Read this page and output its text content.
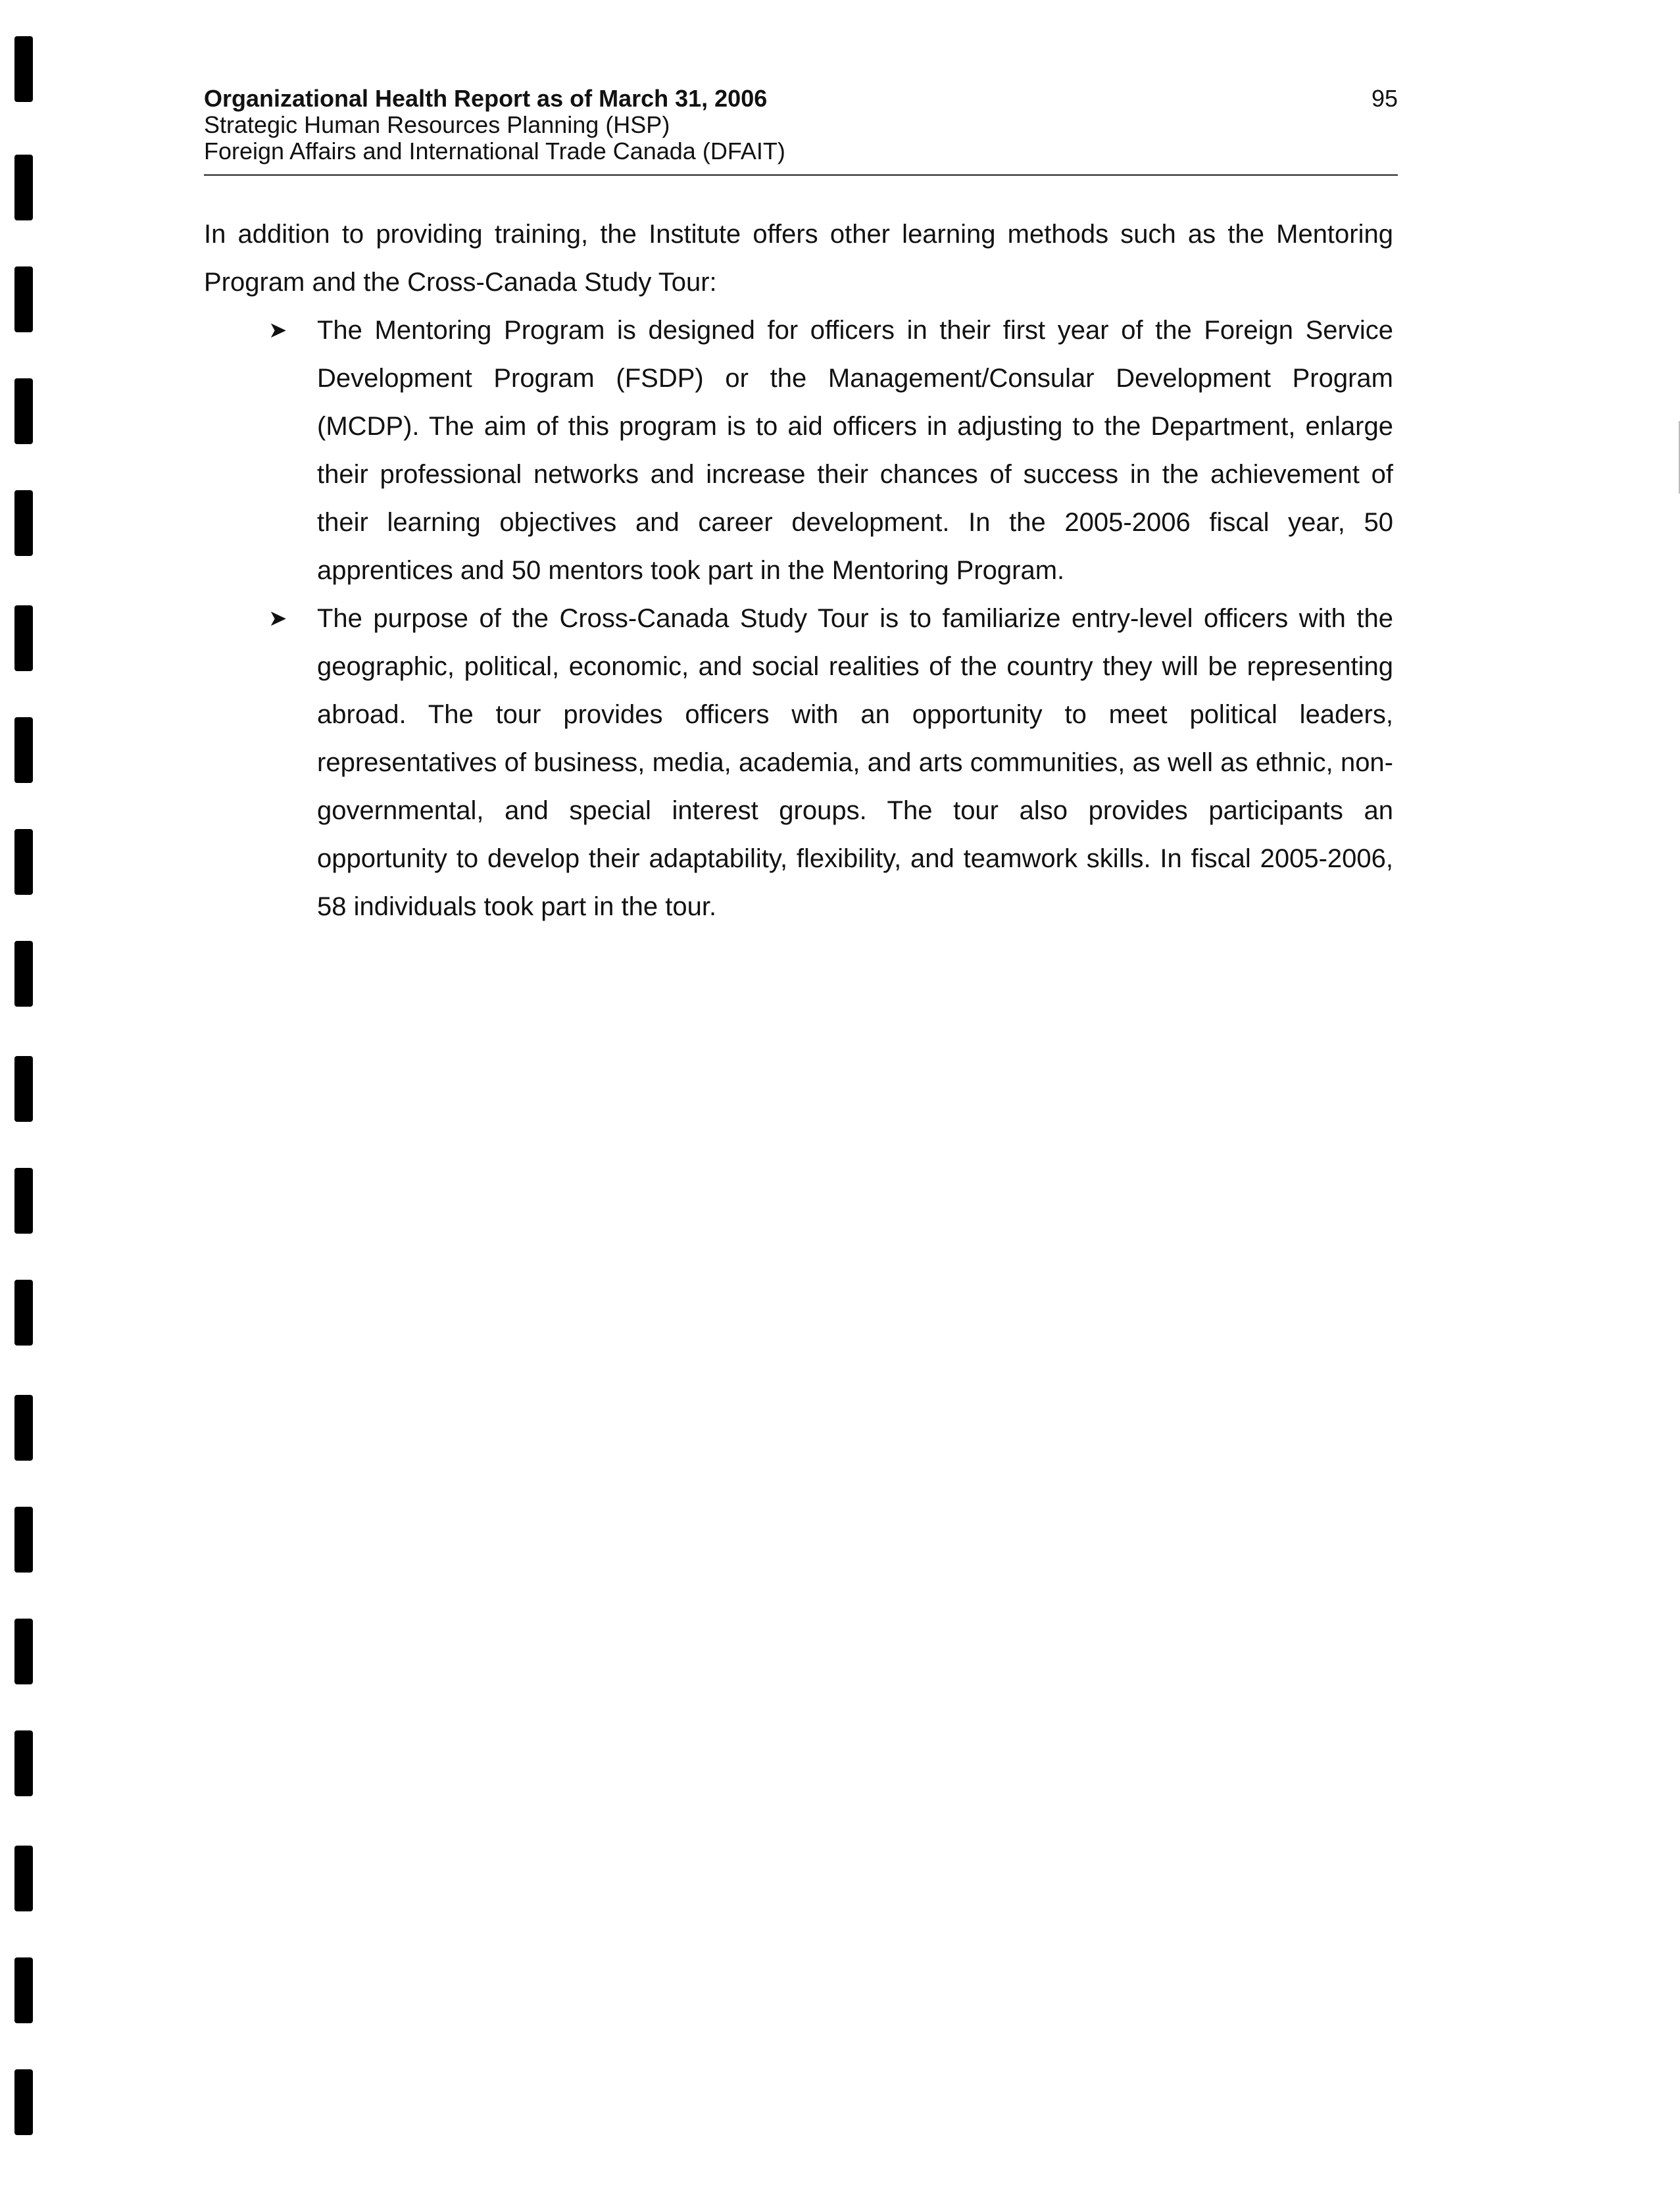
Organizational Health Report as of March 31, 2006
Strategic Human Resources Planning (HSP)
Foreign Affairs and International Trade Canada (DFAIT)
95

In addition to providing training, the Institute offers other learning methods such as the Mentoring Program and the Cross-Canada Study Tour:

➤ The Mentoring Program is designed for officers in their first year of the Foreign Service Development Program (FSDP) or the Management/Consular Development Program (MCDP). The aim of this program is to aid officers in adjusting to the Department, enlarge their professional networks and increase their chances of success in the achievement of their learning objectives and career development. In the 2005-2006 fiscal year, 50 apprentices and 50 mentors took part in the Mentoring Program.
➤ The purpose of the Cross-Canada Study Tour is to familiarize entry-level officers with the geographic, political, economic, and social realities of the country they will be representing abroad. The tour provides officers with an opportunity to meet political leaders, representatives of business, media, academia, and arts communities, as well as ethnic, non-governmental, and special interest groups. The tour also provides participants an opportunity to develop their adaptability, flexibility, and teamwork skills. In fiscal 2005-2006, 58 individuals took part in the tour.
